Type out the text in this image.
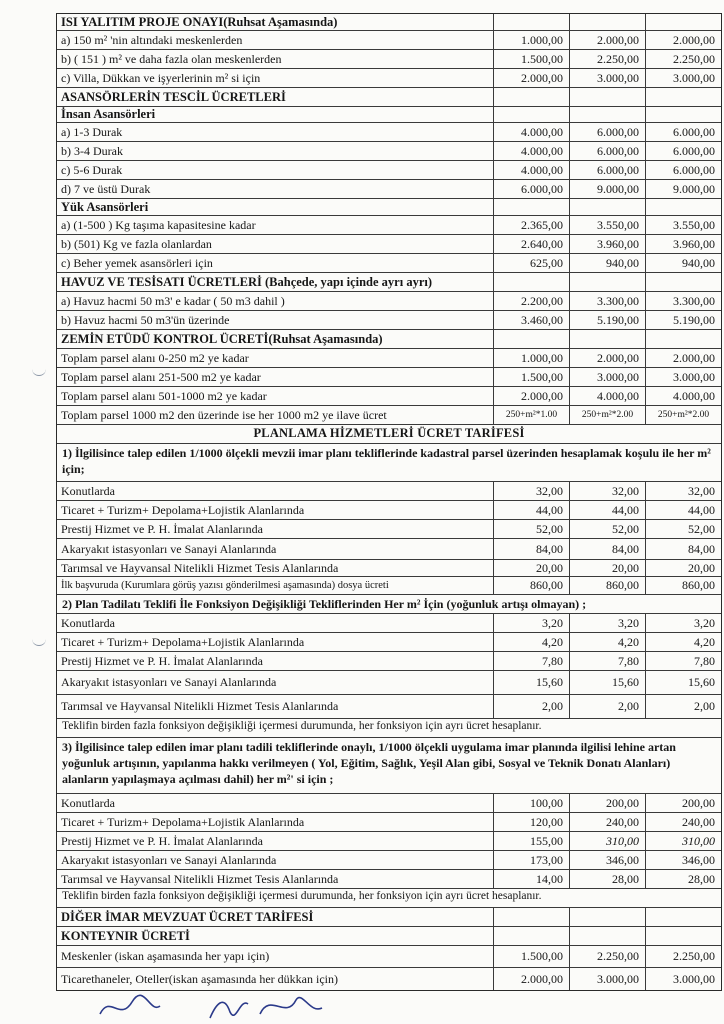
ISI YALITIM PROJE ONAYI(Ruhsat Aşamasında)
a) 150 m² 'nin altındaki meskenlerden	1.000,00	2.000,00	2.000,00
b) ( 151 ) m² ve daha fazla olan meskenlerden	1.500,00	2.250,00	2.250,00
c) Villa, Dükkan ve işyerlerinin m² si için	2.000,00	3.000,00	3.000,00
ASANSÖRLERİN TESCİL ÜCRETLERİ
İnsan Asansörleri
a) 1-3 Durak	4.000,00	6.000,00	6.000,00
b) 3-4 Durak	4.000,00	6.000,00	6.000,00
c) 5-6 Durak	4.000,00	6.000,00	6.000,00
d) 7 ve üstü Durak	6.000,00	9.000,00	9.000,00
Yük Asansörleri
a) (1-500 ) Kg taşıma kapasitesine kadar	2.365,00	3.550,00	3.550,00
b) (501) Kg ve fazla olanlardan	2.640,00	3.960,00	3.960,00
c) Beher yemek asansörleri için	625,00	940,00	940,00
HAVUZ VE TESİSATI ÜCRETLERİ (Bahçede, yapı içinde ayrı ayrı)
a) Havuz hacmi 50 m3' e kadar ( 50 m3 dahil )	2.200,00	3.300,00	3.300,00
b) Havuz hacmi 50 m3'ün üzerinde	3.460,00	5.190,00	5.190,00
ZEMİN ETÜDÜ KONTROL ÜCRETİ(Ruhsat Aşamasında)
Toplam parsel alanı 0-250 m2 ye kadar	1.000,00	2.000,00	2.000,00
Toplam parsel alanı 251-500 m2 ye kadar	1.500,00	3.000,00	3.000,00
Toplam parsel alanı 501-1000 m2 ye kadar	2.000,00	4.000,00	4.000,00
Toplam parsel 1000 m2 den üzerinde ise her 1000 m2 ye ilave ücret	250+m²*1.00	250+m²*2.00	250+m²*2.00
PLANLAMA HİZMETLERİ ÜCRET TARİFESİ
1) İlgilisince talep edilen 1/1000 ölçekli mevzii imar planı tekliflerinde kadastral parsel üzerinden hesaplamak koşulu ile her m² için;
Konutlarda	32,00	32,00	32,00
Ticaret + Turizm+ Depolama+Lojistik Alanlarında	44,00	44,00	44,00
Prestij Hizmet ve P. H. İmalat Alanlarında	52,00	52,00	52,00
Akaryakıt istasyonları ve Sanayi Alanlarında	84,00	84,00	84,00
Tarımsal ve Hayvansal Nitelikli Hizmet Tesis Alanlarında	20,00	20,00	20,00
İlk başvuruda (Kurumlara görüş yazısı gönderilmesi aşamasında) dosya ücreti	860,00	860,00	860,00
2) Plan Tadilatı Teklifi İle Fonksiyon Değişikliği Tekliflerinden Her m² İçin (yoğunluk artışı olmayan) ;
Konutlarda	3,20	3,20	3,20
Ticaret + Turizm+ Depolama+Lojistik Alanlarında	4,20	4,20	4,20
Prestij Hizmet ve P. H. İmalat Alanlarında	7,80	7,80	7,80
Akaryakıt istasyonları ve Sanayi Alanlarında	15,60	15,60	15,60
Tarımsal ve Hayvansal Nitelikli Hizmet Tesis Alanlarında	2,00	2,00	2,00
Teklifin birden fazla fonksiyon değişikliği içermesi durumunda, her fonksiyon için ayrı ücret hesaplanır.
3) İlgilisince talep edilen imar planı tadili tekliflerinde onaylı, 1/1000 ölçekli uygulama imar planında ilgilisi lehine artan yoğunluk artışının, yapılanma hakkı verilmeyen ( Yol, Eğitim, Sağlık, Yeşil Alan gibi, Sosyal ve Teknik Donatı Alanları) alanların yapılaşmaya açılması dahil) her m²' si için ;
Konutlarda	100,00	200,00	200,00
Ticaret + Turizm+ Depolama+Lojistik Alanlarında	120,00	240,00	240,00
Prestij Hizmet ve P. H. İmalat Alanlarında	155,00	310,00	310,00
Akaryakıt istasyonları ve Sanayi Alanlarında	173,00	346,00	346,00
Tarımsal ve Hayvansal Nitelikli Hizmet Tesis Alanlarında	14,00	28,00	28,00
Teklifin birden fazla fonksiyon değişikliği içermesi durumunda, her fonksiyon için ayrı ücret hesaplanır.
DİĞER İMAR MEVZUAT ÜCRET TARİFESİ
KONTEYNIR ÜCRETİ
Meskenler (iskan aşamasında her yapı için)	1.500,00	2.250,00	2.250,00
Ticarethaneler, Oteller(iskan aşamasında her dükkan için)	2.000,00	3.000,00	3.000,00
